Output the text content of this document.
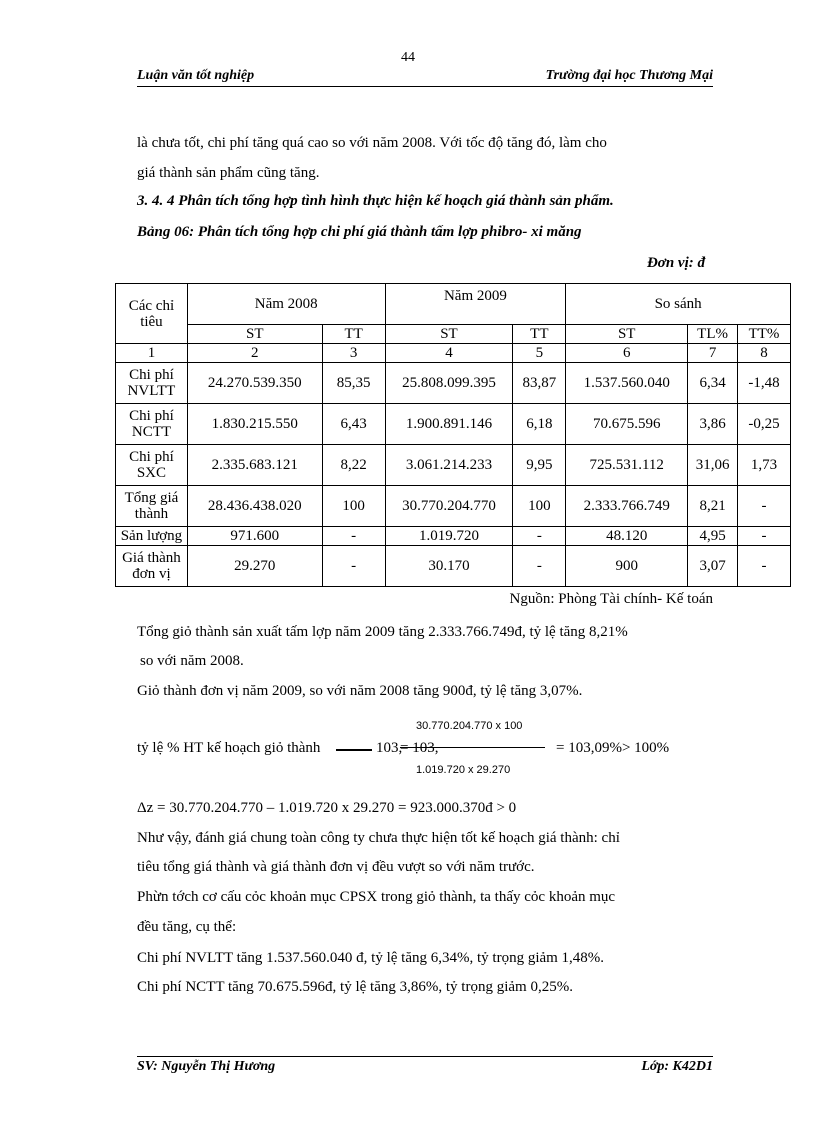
44
Luận văn tốt nghiệp	Trường đại học Thương Mại
là chưa tốt, chi phí tăng quá cao so với năm 2008. Với tốc độ tăng đó, làm cho
giá thành sản phẩm cũng tăng.
3. 4. 4 Phân tích tổng hợp tình hình thực hiện kế hoạch giá thành sản phẩm.
Bảng 06: Phân tích tổng hợp chi phí giá thành tấm lợp phibro- xi măng
Đơn vị: đ
Các chỉ tiêu	Năm 2008		Năm 2009		So sánh		
	ST	TT	ST	TT	ST	TL%	TT%
1	2	3	4	5	6	7	8
Chi phí NVLTT	24.270.539.350	85,35	25.808.099.395	83,87	1.537.560.040	6,34	-1,48
Chi phí NCTT	1.830.215.550	6,43	1.900.891.146	6,18	70.675.596	3,86	-0,25
Chi phí SXC	2.335.683.121	8,22	3.061.214.233	9,95	725.531.112	31,06	1,73
Tổng giá thành	28.436.438.020	100	30.770.204.770	100	2.333.766.749	8,21	-
Sản lượng	971.600	-	1.019.720	-	48.120	4,95	-
Giá thành đơn vị	29.270	-	30.170	-	900	3,07	-
Nguồn: Phòng Tài chính- Kế toán
Tổng giỏ thành sản xuất tấm lợp năm 2009 tăng 2.333.766.749đ, tỷ lệ tăng 8,21%
so với năm 2008.
Giỏ thành đơn vị năm 2009, so với năm 2008 tăng 900đ, tỷ lệ tăng 3,07%.
30.770.204.770 x 100
tỷ lệ % HT kế hoạch giỏ thành	103,
= 103,	= 103,09%> 100%
1.019.720 x 29.270
Δz = 30.770.204.770 – 1.019.720 x 29.270 = 923.000.370đ > 0
Như vậy, đánh giá chung toàn công ty chưa thực hiện tốt kế hoạch giá thành: chỉ
tiêu tổng giá thành và giá thành đơn vị đều vượt so với năm trước.
Phừn tớch cơ cấu cỏc khoản mục CPSX trong giỏ thành, ta thấy cỏc khoản mục
đều tăng, cụ thể:
Chi phí NVLTT tăng 1.537.560.040 đ, tỷ lệ tăng 6,34%, tỷ trọng giảm 1,48%.
Chi phí NCTT tăng 70.675.596đ, tỷ lệ tăng 3,86%, tỷ trọng giảm 0,25%.
SV: Nguyễn Thị Hương	Lớp: K42D1
